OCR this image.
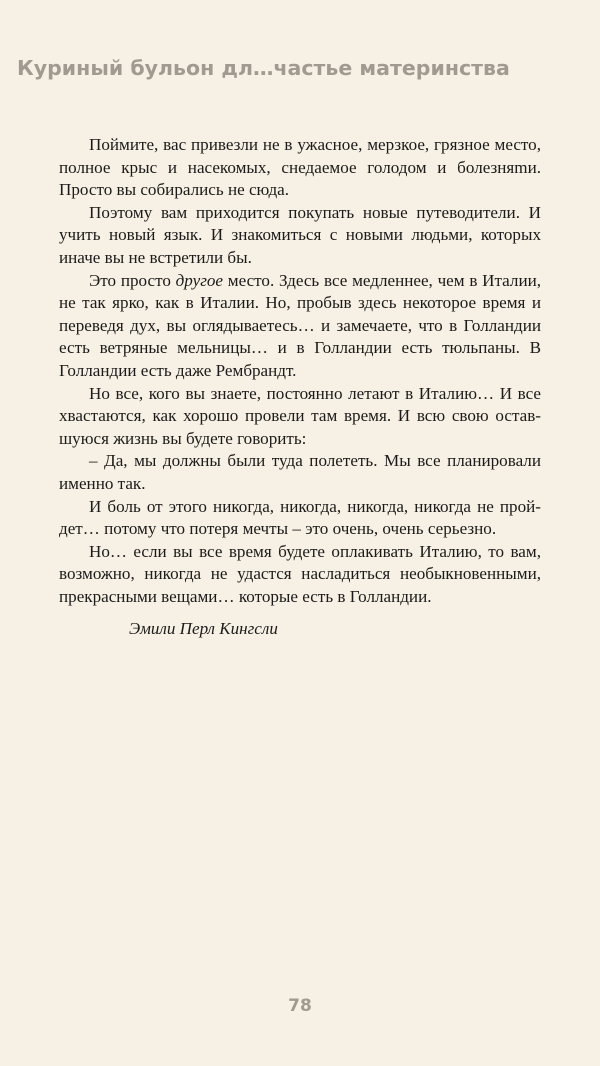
Куриный бульон дл…частье материнства

Поймите, вас привезли не в ужасное, мерзкое, грязное место, полное крыс и насекомых, снедаемое голодом и болезняmи. Просто вы собирались не сюда.

Поэтому вам приходится покупать новые путеводители. И учить новый язык. И знакомиться с новыми людьми, которых иначе вы не встретили бы.

Это просто другое место. Здесь все медленнее, чем в Италии, не так ярко, как в Италии. Но, пробыв здесь некоторое время и переведя дух, вы оглядываетесь… и замечаете, что в Голландии есть ветряные мельницы… и в Голландии есть тюльпаны. В Голландии есть даже Рембрандт.

Но все, кого вы знаете, постоянно летают в Италию… И все хвастаются, как хорошо провели там время. И всю свою оставшуюся жизнь вы будете говорить:

– Да, мы должны были туда полететь. Мы все планировали именно так.

И боль от этого никогда, никогда, никогда, никогда не пройдет… потому что потеря мечты – это очень, очень серьезно.

Но… если вы все время будете оплакивать Италию, то вам, возможно, никогда не удастся насладиться необыкновенными, прекрасными вещами… которые есть в Голландии.

Эмили Перл Кингсли
78
